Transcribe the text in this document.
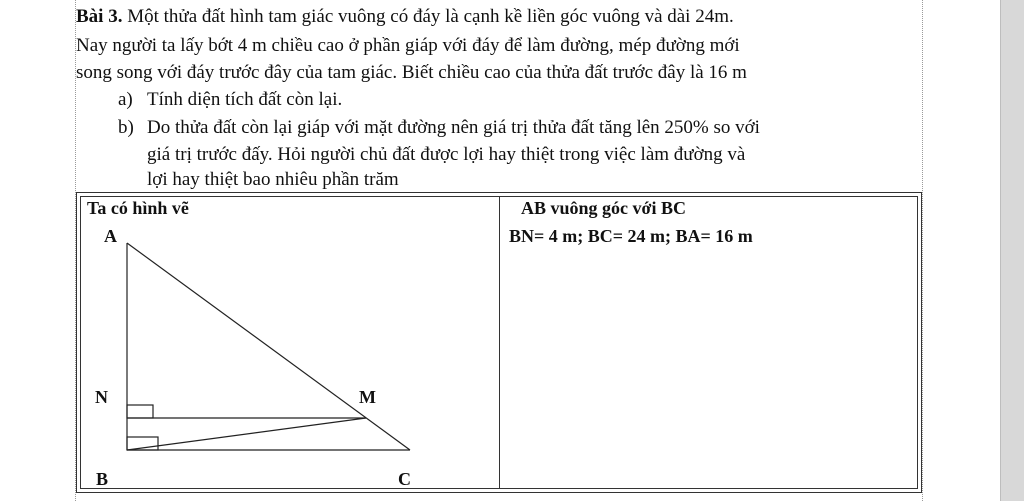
Bài 3. Một thửa đất hình tam giác vuông có đáy là cạnh kề liền góc vuông và dài 24m.
Nay người ta lấy bớt 4 m chiều cao ở phần giáp với đáy để làm đường, mép đường mới
song song với đáy trước đây của tam giác. Biết chiều cao của thửa đất trước đây là 16 m
a) Tính diện tích đất còn lại.
b) Do thửa đất còn lại giáp với mặt đường nên giá trị thửa đất tăng lên 250% so với
giá trị trước đấy. Hỏi người chủ đất được lợi hay thiệt trong việc làm đường và
lợi hay thiệt bao nhiêu phần trăm
Ta có hình vẽ	AB vuông góc với BC
BN= 4 m; BC= 24 m; BA= 16 m
A
N	M
B	C
